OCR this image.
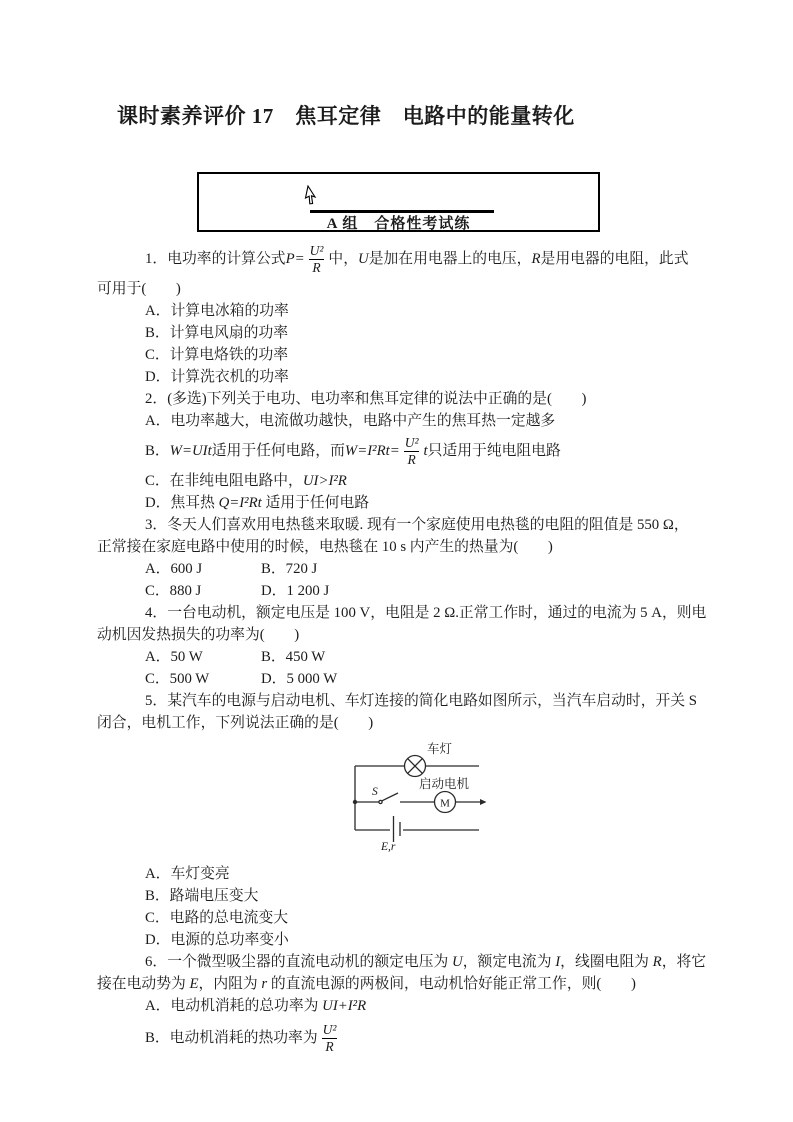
课时素养评价 17　焦耳定律　电路中的能量转化
A 组　合格性考试练
1．电功率的计算公式 $P= \frac{\text{U²}}{R}$ 中， U 是加在用电器上的电压， R 是用电器的电阻，此式
可用于(　　)
A．计算电冰箱的功率
B．计算电风扇的功率
C．计算电烙铁的功率
D．计算洗衣机的功率
2．(多选)下列关于电功、电功率和焦耳定律的说法中正确的是(　　)
A．电功率越大，电流做功越快，电路中产生的焦耳热一定越多
B． W=UIt 适用于任何电路，而 $W=I^2Rt= \frac{\text{U²}}{R}$ t 只适用于纯电阻电路
C．在非纯电阻电路中，UI>I²R
D．焦耳热 Q=I²Rt 适用于任何电路
3．冬天人们喜欢用电热毯来取暖. 现有一个家庭使用电热毯的电阻的阻值是 550 Ω，
正常接在家庭电路中使用的时候，电热毯在 10 s 内产生的热量为(　　)
A．600 J	B．720 J
C．880 J	D．1 200 J
4．一台电动机，额定电压是 100 V，电阻是 2 Ω.正常工作时，通过的电流为 5 A，则电
动机因发热损失的功率为(　　)
A．50 W	B．450 W
C．500 W	D．5 000 W
5．某汽车的电源与启动电机、车灯连接的简化电路如图所示，当汽车启动时，开关 S
闭合，电机工作，下列说法正确的是(　　)
车灯
S
M
启动电机
E,r
A．车灯变亮
B．路端电压变大
C．电路的总电流变大
D．电源的总功率变小
6．一个微型吸尘器的直流电动机的额定电压为 U，额定电流为 I，线圈电阻为 R，将它
接在电动势为 E，内阻为 r 的直流电源的两极间，电动机恰好能正常工作，则(　　)
A．电动机消耗的总功率为 UI+I²R
B．电动机消耗的热功率为 $\frac{\text{U²}}{R}$
